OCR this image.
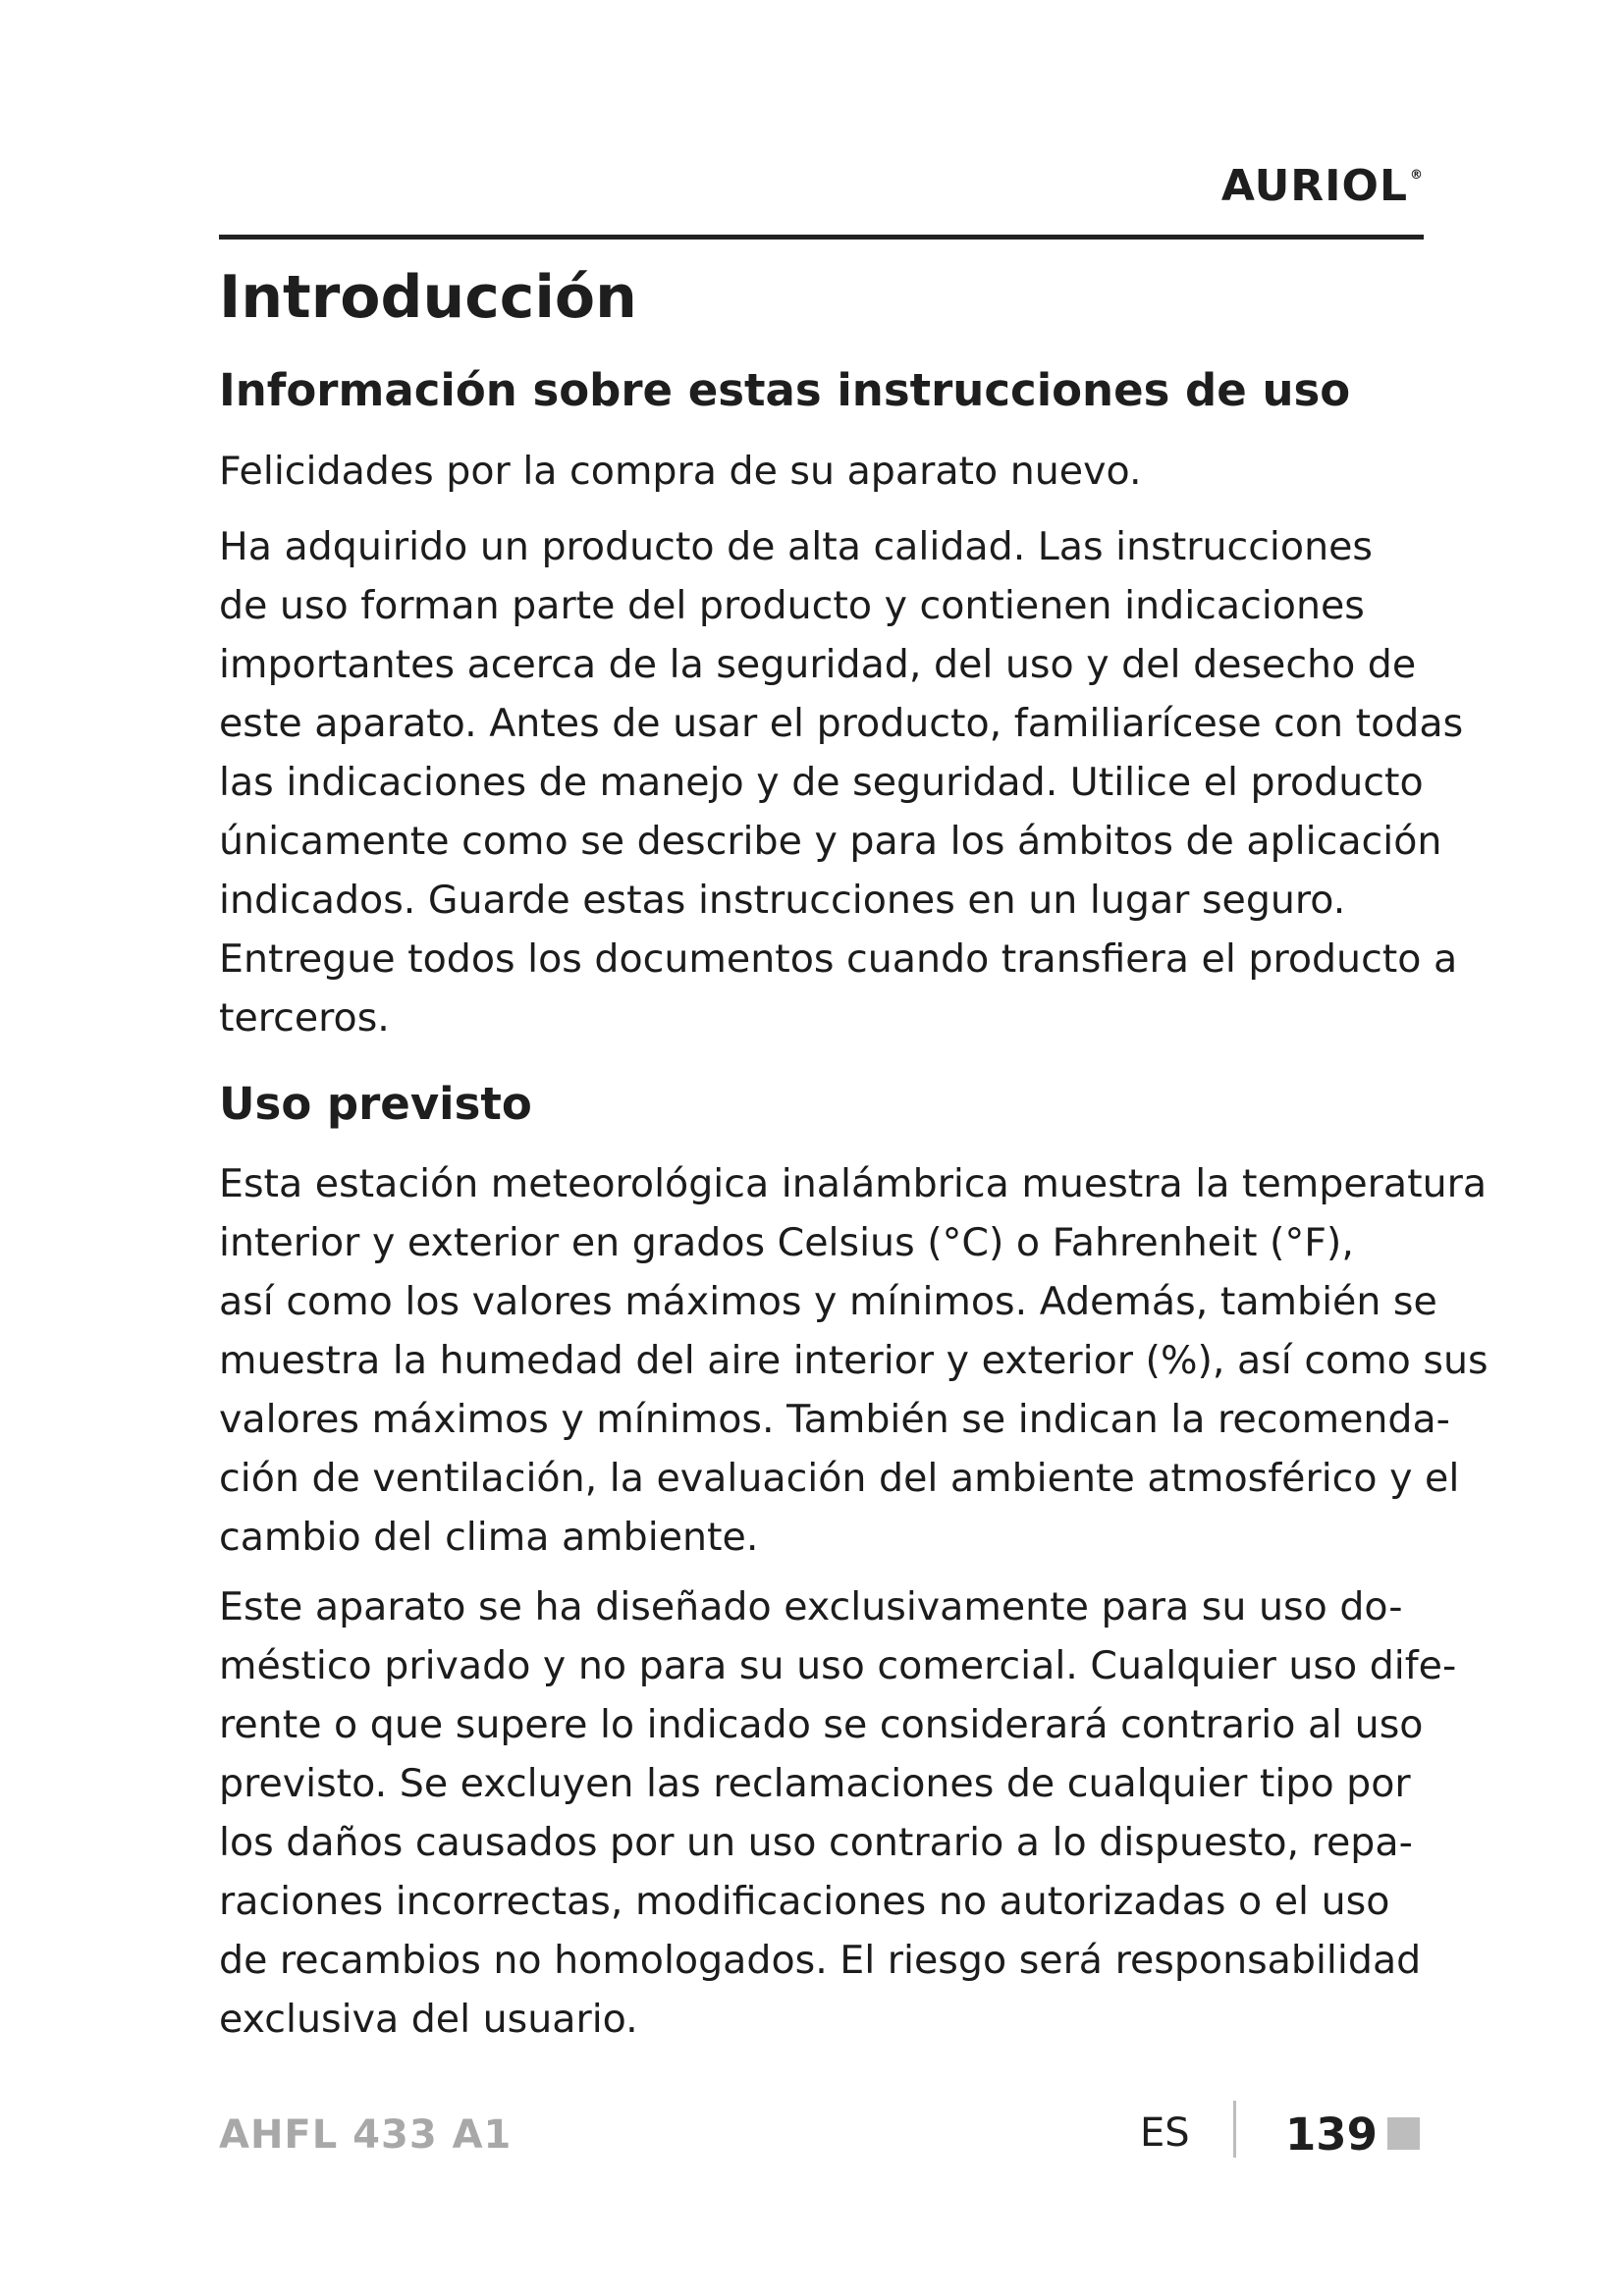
AURIOL ®
Introducción
Información sobre estas instrucciones de uso
Felicidades por la compra de su aparato nuevo.
Ha adquirido un producto de alta calidad. Las instrucciones
de uso forman parte del producto y contienen indicaciones
importantes acerca de la seguridad, del uso y del desecho de
este aparato. Antes de usar el producto, familiarícese con todas
las indicaciones de manejo y de seguridad. Utilice el producto
únicamente como se describe y para los ámbitos de aplicación
indicados. Guarde estas instrucciones en un lugar seguro.
Entregue todos los documentos cuando transfiera el producto a
terceros.
Uso previsto
Esta estación meteorológica inalámbrica muestra la temperatura
interior y exterior en grados Celsius (°C) o Fahrenheit (°F),
así como los valores máximos y mínimos. Además, también se
muestra la humedad del aire interior y exterior (%), así como sus
valores máximos y mínimos. También se indican la recomenda-
ción de ventilación, la evaluación del ambiente atmosférico y el
cambio del clima ambiente.
Este aparato se ha diseñado exclusivamente para su uso do-
méstico privado y no para su uso comercial. Cualquier uso dife-
rente o que supere lo indicado se considerará contrario al uso
previsto. Se excluyen las reclamaciones de cualquier tipo por
los daños causados por un uso contrario a lo dispuesto, repa-
raciones incorrectas, modificaciones no autorizadas o el uso
de recambios no homologados. El riesgo será responsabilidad
exclusiva del usuario.
AHFL 433 A1	ES 139
